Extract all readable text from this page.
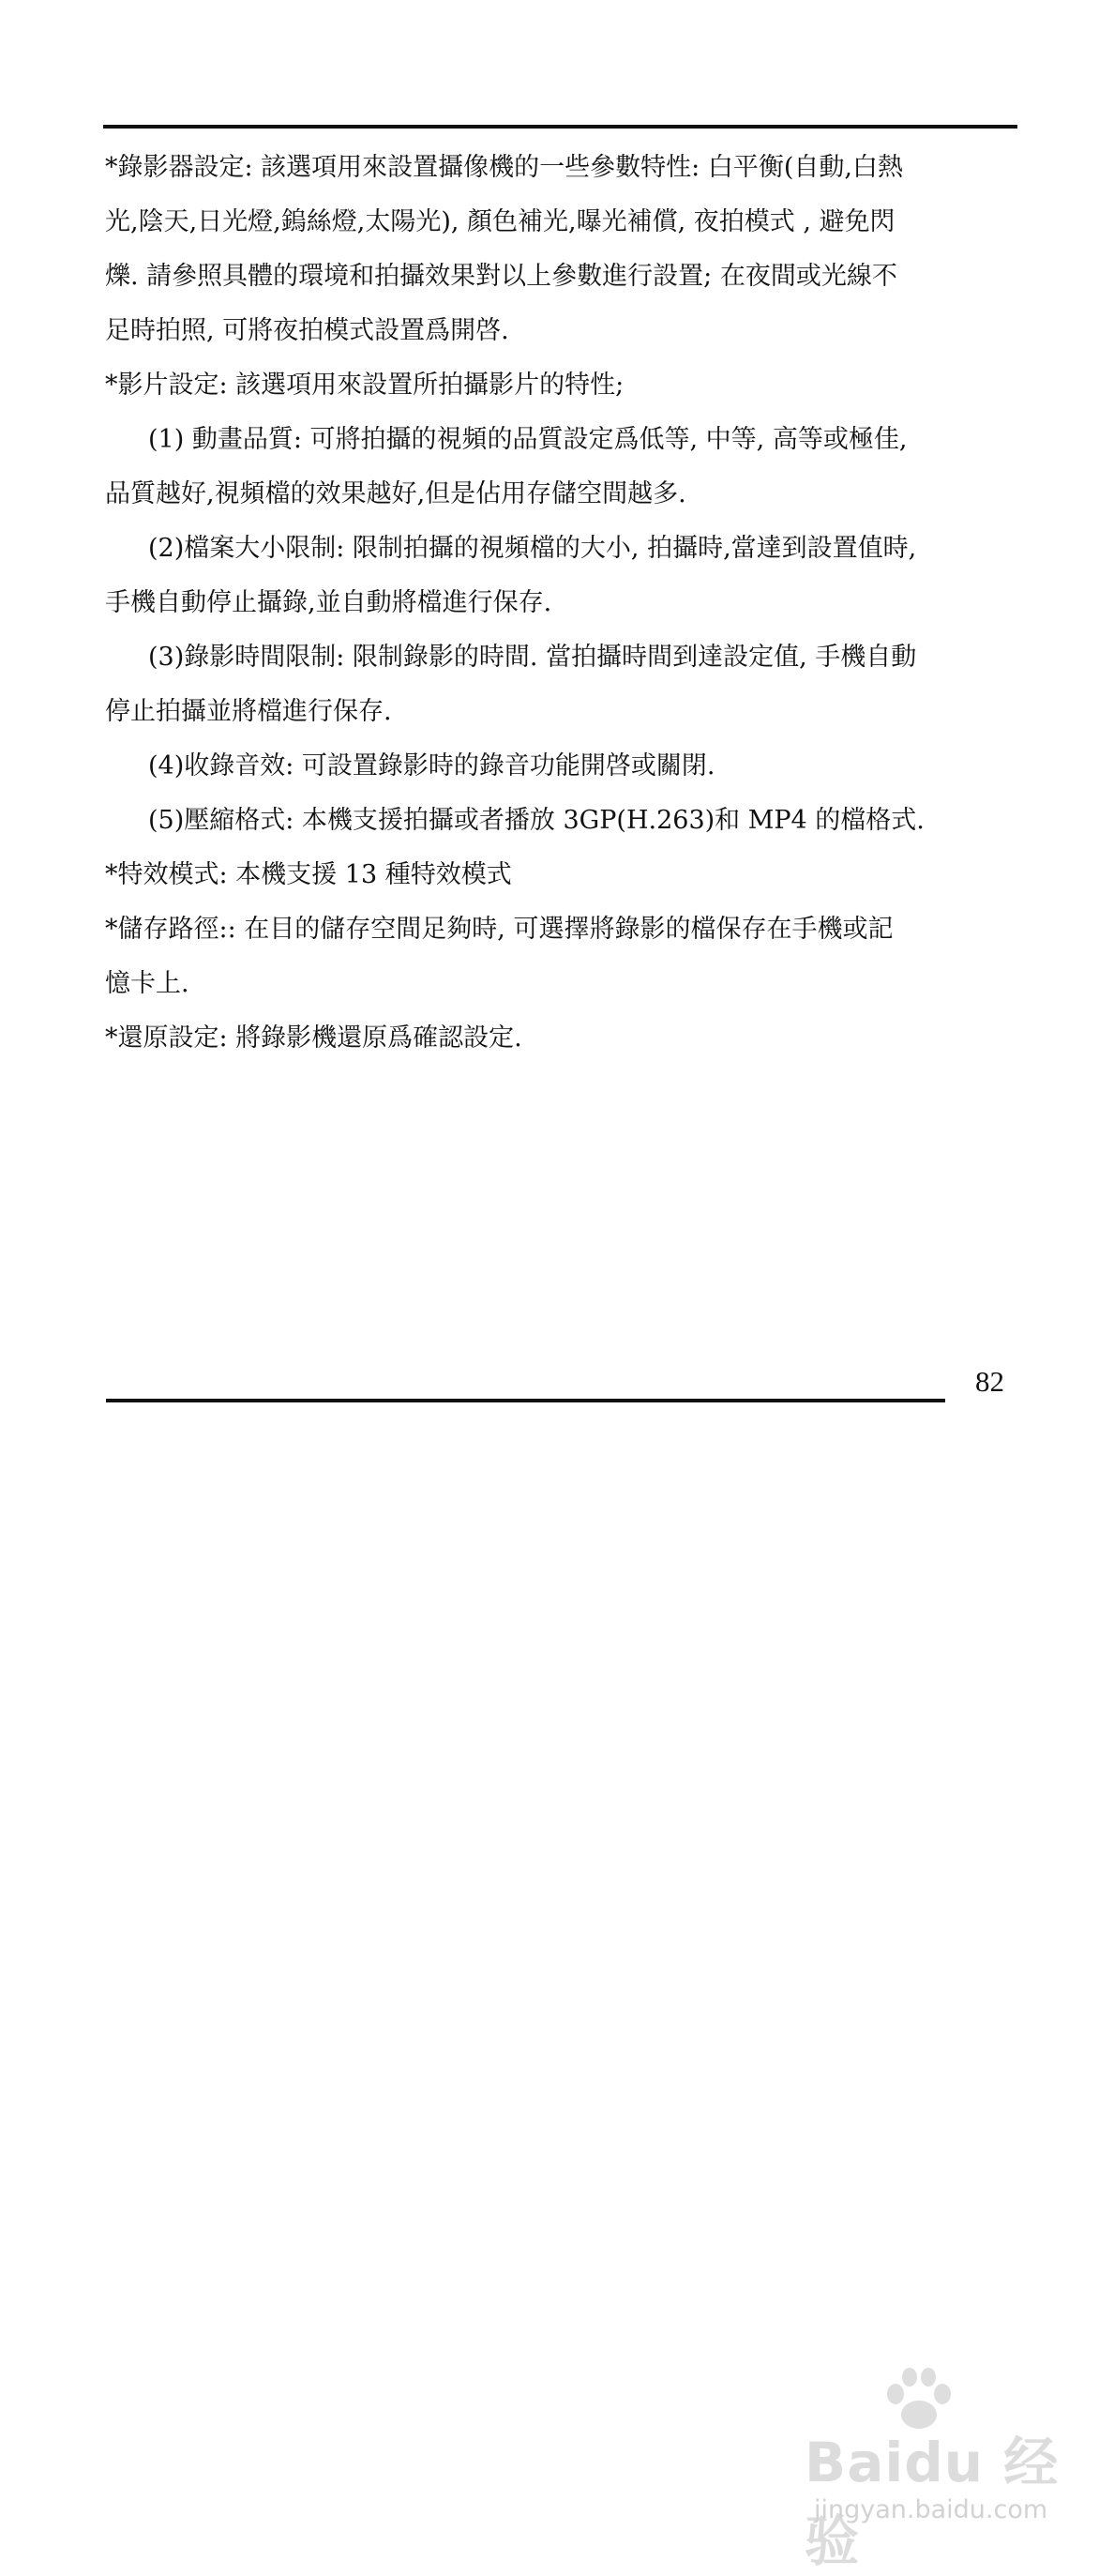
*錄影器設定: 該選項用來設置攝像機的一些參數特性: 白平衡(自動,白熱
光,陰天,日光燈,鎢絲燈,太陽光), 顏色補光,曝光補償, 夜拍模式 , 避免閃
爍. 請參照具體的環境和拍攝效果對以上參數進行設置; 在夜間或光線不
足時拍照, 可將夜拍模式設置爲開啓.

*影片設定: 該選項用來設置所拍攝影片的特性;

(1) 動畫品質: 可將拍攝的視頻的品質設定爲低等, 中等, 高等或極佳,
品質越好,視頻檔的效果越好,但是佔用存儲空間越多.

(2)檔案大小限制: 限制拍攝的視頻檔的大小, 拍攝時,當達到設置值時,
手機自動停止攝錄,並自動將檔進行保存.

(3)錄影時間限制: 限制錄影的時間. 當拍攝時間到達設定值, 手機自動
停止拍攝並將檔進行保存.

(4)收錄音效: 可設置錄影時的錄音功能開啓或關閉.

(5)壓縮格式: 本機支援拍攝或者播放 3GP(H.263)和 MP4 的檔格式.

*特效模式: 本機支援 13 種特效模式

*儲存路徑:: 在目的儲存空間足夠時, 可選擇將錄影的檔保存在手機或記
憶卡上.

*還原設定: 將錄影機還原爲確認設定.

82
Baidu 经验
jingyan.baidu.com
